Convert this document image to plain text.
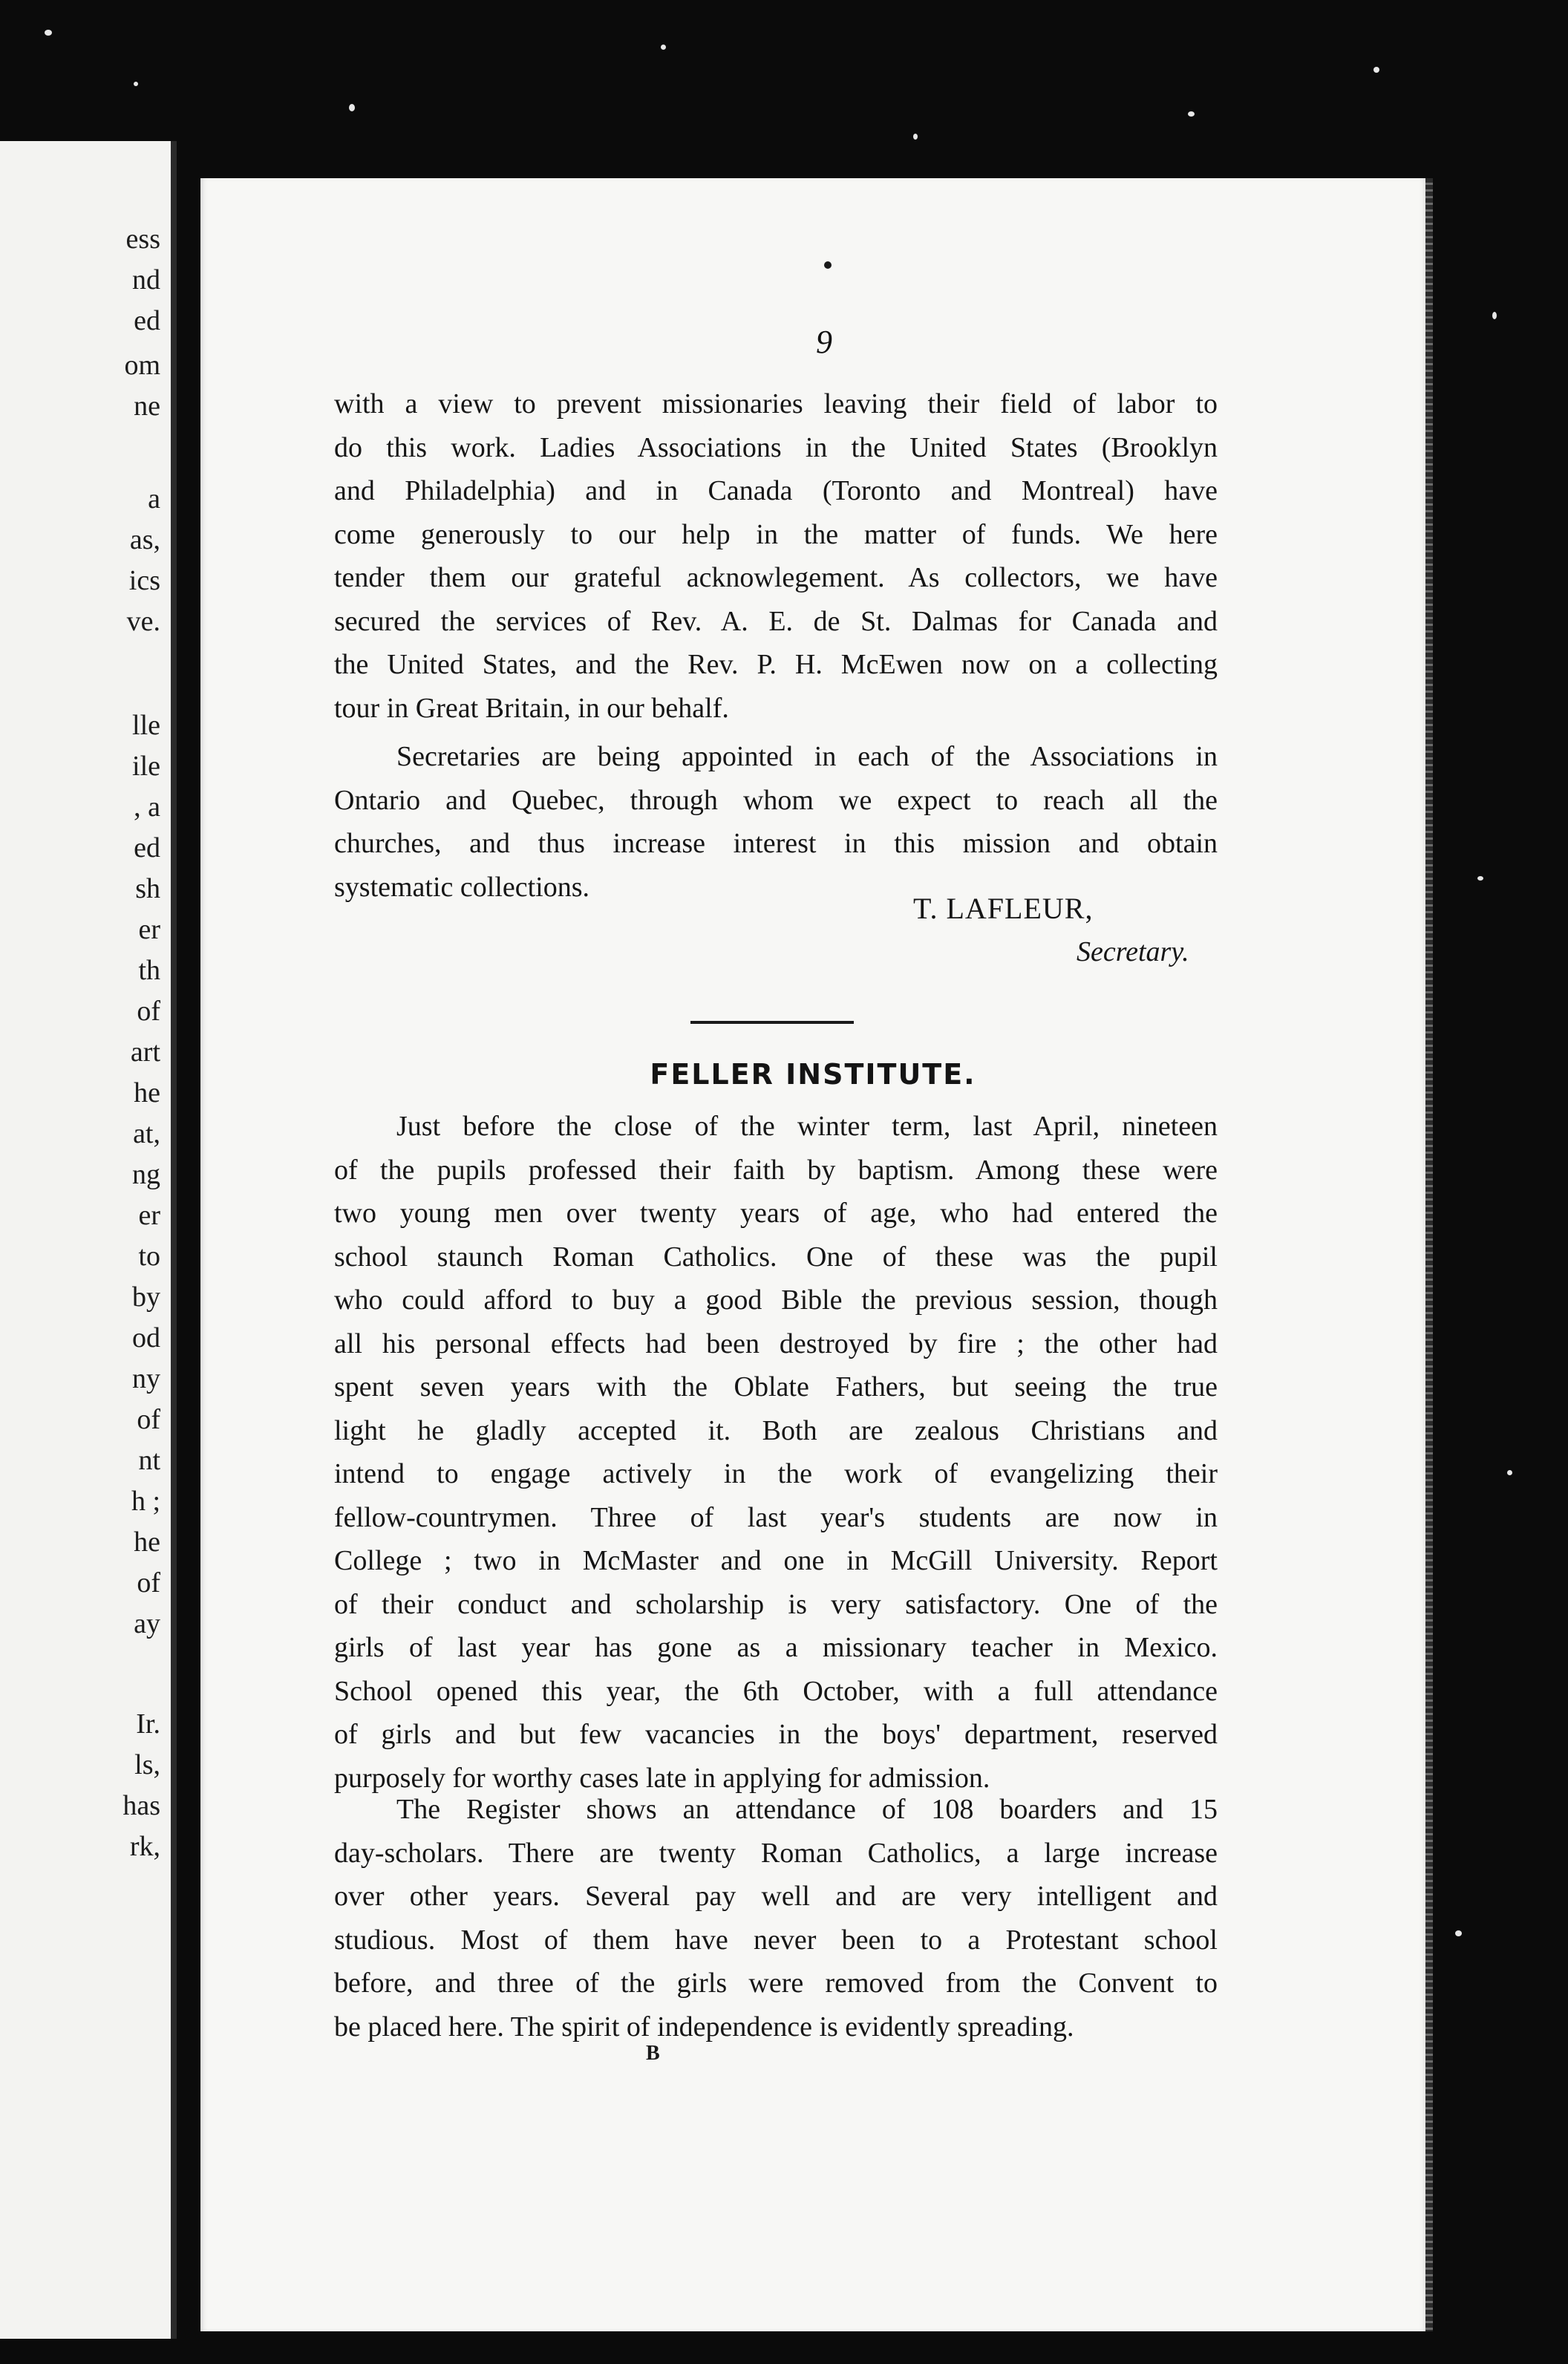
ess
nd
ed
om
ne
a
as,
ics
ve.
lle
ile
, a
ed
sh
er
th
of
art
he
at,
ng
er
to
by
od
ny
of
nt
h ;
he
of
ay
Ir.
ls,
has
rk,
9
with a view to prevent missionaries leaving their field of labor to
do this work. Ladies Associations in the United States (Brooklyn
and Philadelphia) and in Canada (Toronto and Montreal) have
come generously to our help in the matter of funds. We here
tender them our grateful acknowlegement. As collectors, we have
secured the services of Rev. A. E. de St. Dalmas for Canada and
the United States, and the Rev. P. H. McEwen now on a collecting
tour in Great Britain, in our behalf.
Secretaries are being appointed in each of the Associations in
Ontario and Quebec, through whom we expect to reach all the
churches, and thus increase interest in this mission and obtain
systematic collections.
T. LAFLEUR,
Secretary.
FELLER INSTITUTE.
Just before the close of the winter term, last April, nineteen
of the pupils professed their faith by baptism. Among these were
two young men over twenty years of age, who had entered the
school staunch Roman Catholics. One of these was the pupil
who could afford to buy a good Bible the previous session, though
all his personal effects had been destroyed by fire ; the other had
spent seven years with the Oblate Fathers, but seeing the true
light he gladly accepted it. Both are zealous Christians and
intend to engage actively in the work of evangelizing their
fellow-countrymen. Three of last year's students are now in
College ; two in McMaster and one in McGill University. Report
of their conduct and scholarship is very satisfactory. One of the
girls of last year has gone as a missionary teacher in Mexico.
School opened this year, the 6th October, with a full attendance
of girls and but few vacancies in the boys' department, reserved
purposely for worthy cases late in applying for admission.
The Register shows an attendance of 108 boarders and 15
day-scholars. There are twenty Roman Catholics, a large increase
over other years. Several pay well and are very intelligent and
studious. Most of them have never been to a Protestant school
before, and three of the girls were removed from the Convent to
be placed here. The spirit of independence is evidently spreading.
B
